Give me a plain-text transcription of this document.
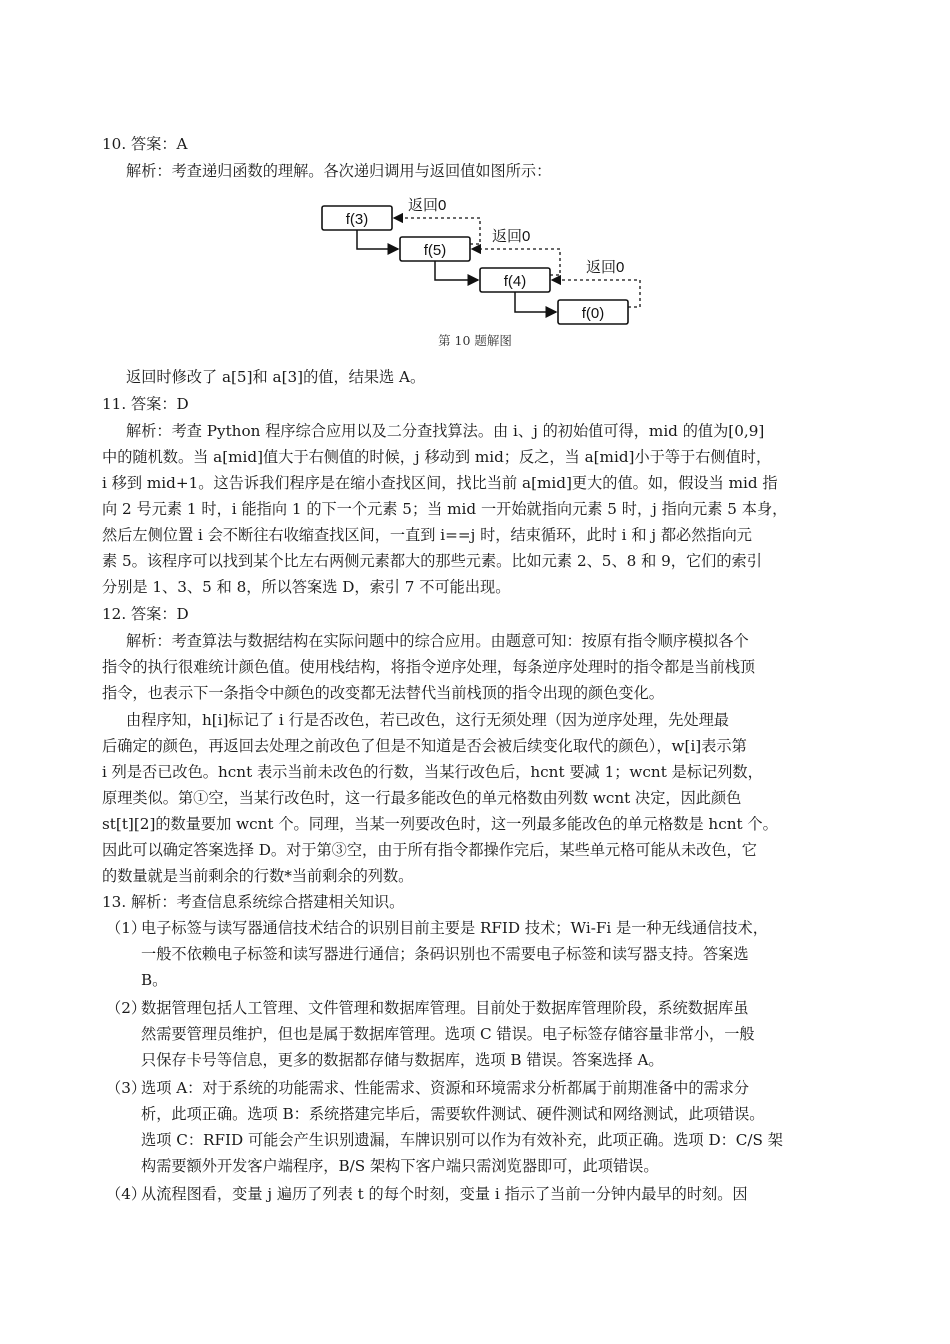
10. 答案：A
解析：考查递归函数的理解。各次递归调用与返回值如图所示：
f(3)
f(5)
f(4)
f(0)
返回0
返回0
返回0
第 10 题解图
返回时修改了 a[5]和 a[3]的值，结果选 A。
11. 答案：D
解析：考查 Python 程序综合应用以及二分查找算法。由 i、j 的初始值可得，mid 的值为[0,9]
中的随机数。当 a[mid]值大于右侧值的时候，j 移动到 mid；反之，当 a[mid]小于等于右侧值时，
i 移到 mid+1。这告诉我们程序是在缩小查找区间，找比当前 a[mid]更大的值。如，假设当 mid 指
向 2 号元素 1 时，i 能指向 1 的下一个元素 5；当 mid 一开始就指向元素 5 时，j 指向元素 5 本身，
然后左侧位置 i 会不断往右收缩查找区间，一直到 i==j 时，结束循环，此时 i 和 j 都必然指向元
素 5。该程序可以找到某个比左右两侧元素都大的那些元素。比如元素 2、5、8 和 9，它们的索引
分别是 1、3、5 和 8，所以答案选 D，索引 7 不可能出现。
12. 答案：D
解析：考查算法与数据结构在实际问题中的综合应用。由题意可知：按原有指令顺序模拟各个
指令的执行很难统计颜色值。使用栈结构，将指令逆序处理，每条逆序处理时的指令都是当前栈顶
指令，也表示下一条指令中颜色的改变都无法替代当前栈顶的指令出现的颜色变化。
由程序知，h[i]标记了 i 行是否改色，若已改色，这行无须处理（因为逆序处理，先处理最
后确定的颜色，再返回去处理之前改色了但是不知道是否会被后续变化取代的颜色），w[i]表示第
i 列是否已改色。hcnt 表示当前未改色的行数，当某行改色后，hcnt 要减 1；wcnt 是标记列数，
原理类似。第①空，当某行改色时，这一行最多能改色的单元格数由列数 wcnt 决定，因此颜色
st[t][2]的数量要加 wcnt 个。同理，当某一列要改色时，这一列最多能改色的单元格数是 hcnt 个。
因此可以确定答案选择 D。对于第③空，由于所有指令都操作完后，某些单元格可能从未改色，它
的数量就是当前剩余的行数*当前剩余的列数。
13. 解析：考查信息系统综合搭建相关知识。
（1）
电子标签与读写器通信技术结合的识别目前主要是 RFID 技术；Wi-Fi 是一种无线通信技术，
一般不依赖电子标签和读写器进行通信；条码识别也不需要电子标签和读写器支持。答案选
B。
（2）
数据管理包括人工管理、文件管理和数据库管理。目前处于数据库管理阶段，系统数据库虽
然需要管理员维护，但也是属于数据库管理。选项 C 错误。电子标签存储容量非常小，一般
只保存卡号等信息，更多的数据都存储与数据库，选项 B 错误。答案选择 A。
（3）
选项 A：对于系统的功能需求、性能需求、资源和环境需求分析都属于前期准备中的需求分
析，此项正确。选项 B：系统搭建完毕后，需要软件测试、硬件测试和网络测试，此项错误。
选项 C：RFID 可能会产生识别遗漏，车牌识别可以作为有效补充，此项正确。选项 D：C/S 架
构需要额外开发客户端程序，B/S 架构下客户端只需浏览器即可，此项错误。
（4）
从流程图看，变量 j 遍历了列表 t 的每个时刻，变量 i 指示了当前一分钟内最早的时刻。因
